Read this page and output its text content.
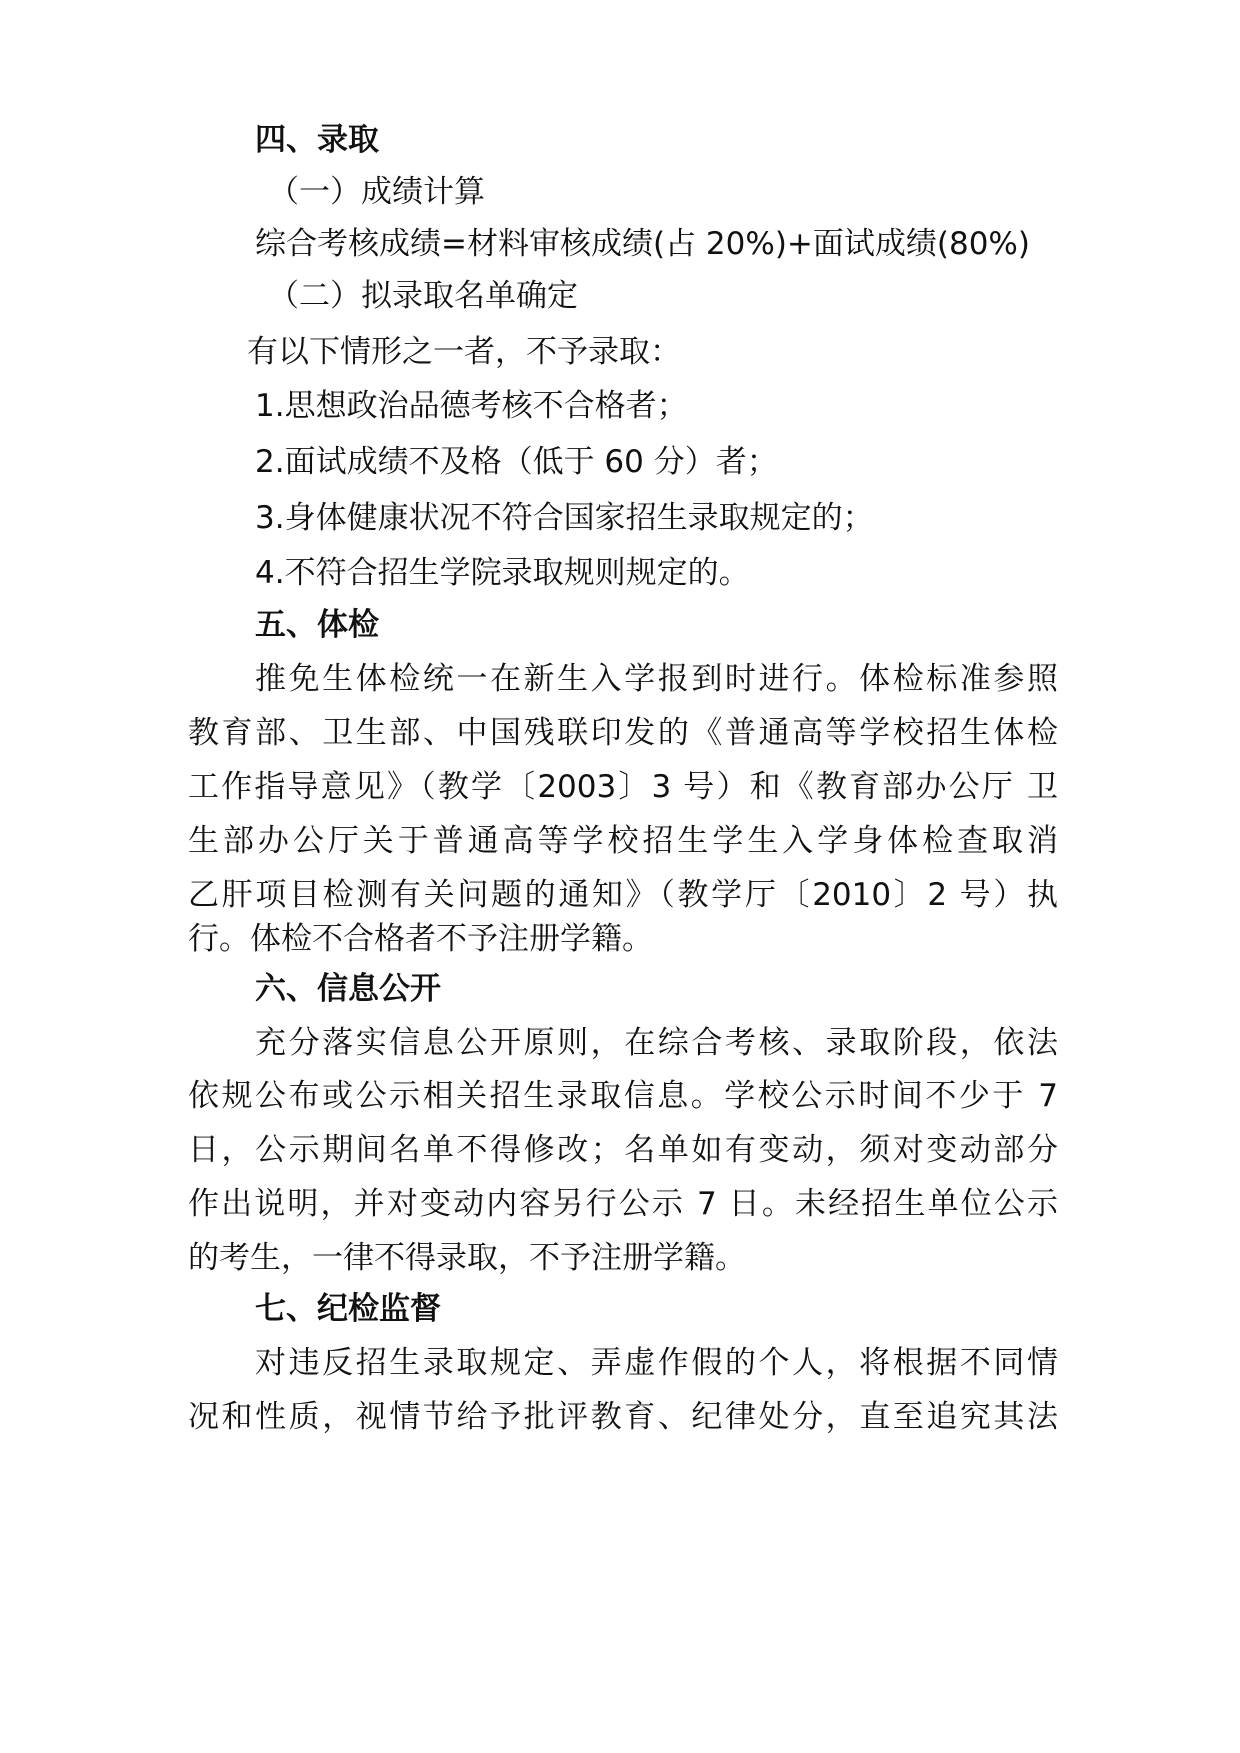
四、录取
（一）成绩计算
综合考核成绩=材料审核成绩(占 20%)+面试成绩(80%)
（二）拟录取名单确定
有以下情形之一者，不予录取：
1.思想政治品德考核不合格者；
2.面试成绩不及格（低于 60 分）者；
3.身体健康状况不符合国家招生录取规定的；
4.不符合招生学院录取规则规定的。
五、体检
推免生体检统一在新生入学报到时进行。体检标准参照
教育部、卫生部、中国残联印发的《普通高等学校招生体检
工作指导意见》（教学〔2003〕3 号）和《教育部办公厅 卫
生部办公厅关于普通高等学校招生学生入学身体检查取消
乙肝项目检测有关问题的通知》（教学厅〔2010〕2 号）执
行。体检不合格者不予注册学籍。
六、信息公开
充分落实信息公开原则，在综合考核、录取阶段，依法
依规公布或公示相关招生录取信息。学校公示时间不少于 7
日，公示期间名单不得修改；名单如有变动，须对变动部分
作出说明，并对变动内容另行公示 7 日。未经招生单位公示
的考生，一律不得录取，不予注册学籍。
七、纪检监督
对违反招生录取规定、弄虚作假的个人，将根据不同情
况和性质，视情节给予批评教育、纪律处分，直至追究其法
